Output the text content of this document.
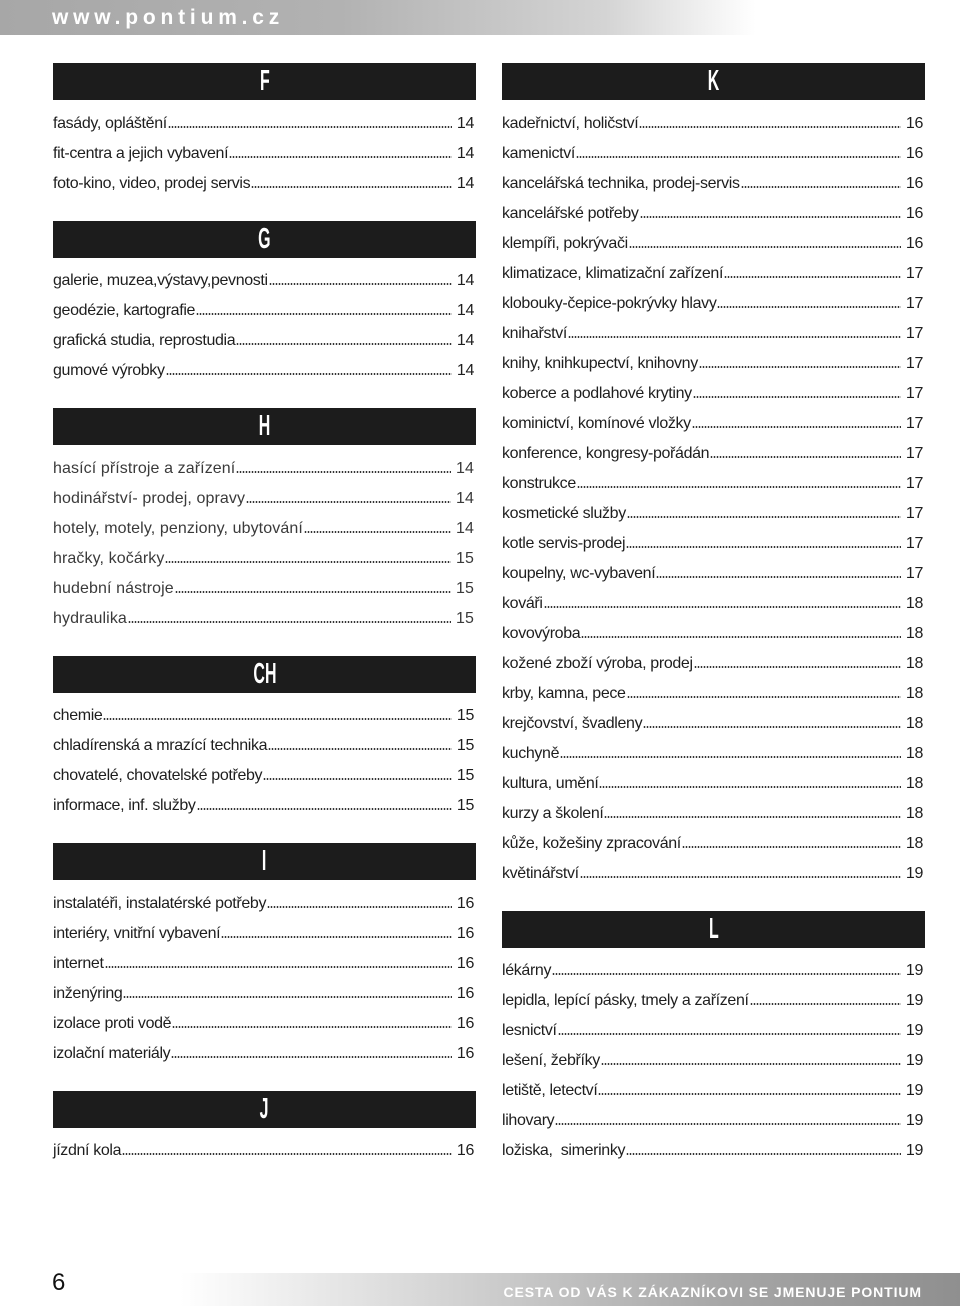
www.pontium.cz
F
fasády, opláštění	14
fit-centra a jejich vybavení	14
foto-kino, video, prodej servis	14
G
galerie, muzea,výstavy,pevnosti	14
geodézie, kartografie	14
grafická studia, reprostudia	14
gumové výrobky	14
H
hasící přístroje a zařízení	14
hodinářství- prodej, opravy	14
hotely, motely, penziony, ubytování	14
hračky, kočárky	15
hudební nástroje	15
hydraulika	15
CH
chemie	15
chladírenská a mrazící technika	15
chovatelé, chovatelské potřeby	15
informace, inf. služby	15
I
instalatéři, instalatérské potřeby	16
interiéry, vnitřní vybavení	16
internet	16
inženýring	16
izolace proti vodě	16
izolační materiály	16
J
jízdní kola	16
K
kadeřnictví, holičství	16
kamenictví	16
kancelářská technika, prodej-servis	16
kancelářské potřeby	16
klempíři, pokrývači	16
klimatizace, klimatizační zařízení	17
klobouky-čepice-pokrývky hlavy	17
knihařství	17
knihy, knihkupectví, knihovny	17
koberce a podlahové krytiny	17
kominictví, komínové vložky	17
konference, kongresy-pořádán	17
konstrukce	17
kosmetické služby	17
kotle servis-prodej	17
koupelny, wc-vybavení	17
kováři	18
kovovýroba	18
kožené zboží výroba, prodej	18
krby, kamna, pece	18
krejčovství, švadleny	18
kuchyně	18
kultura, umění	18
kurzy a školení	18
kůže, kožešiny zpracování	18
květinářství	19
L
lékárny	19
lepidla, lepící pásky, tmely a zařízení	19
lesnictví	19
lešení, žebříky	19
letiště, letectví	19
lihovary	19
ložiska,  simerinky	19
6	CESTA OD VÁS K ZÁKAZNÍKOVI SE JMENUJE PONTIUM
